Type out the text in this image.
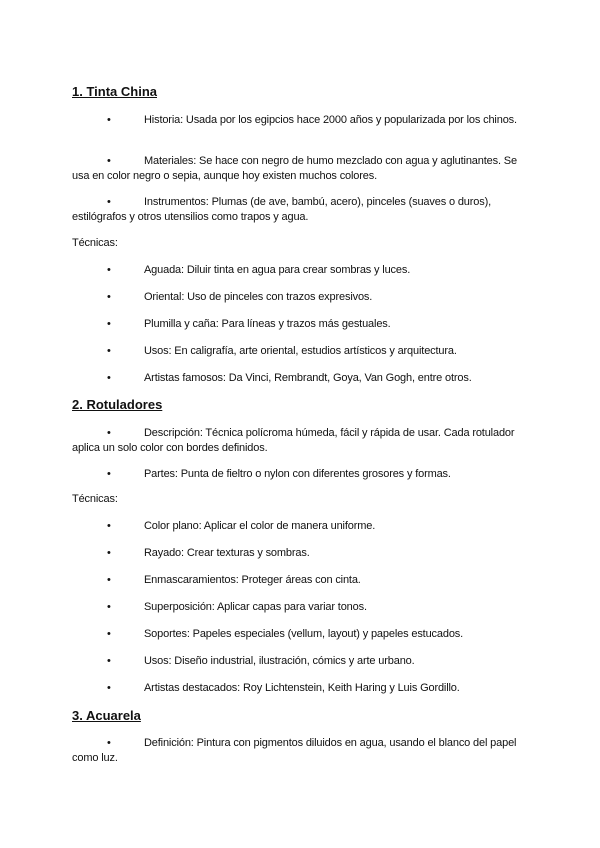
1. Tinta China

•	Historia: Usada por los egipcios hace 2000 años y popularizada por los chinos.

•	Materiales: Se hace con negro de humo mezclado con agua y aglutinantes. Se usa en color negro o sepia, aunque hoy existen muchos colores.

•	Instrumentos: Plumas (de ave, bambú, acero), pinceles (suaves o duros), estilógrafos y otros utensilios como trapos y agua.

Técnicas:

•	Aguada: Diluir tinta en agua para crear sombras y luces.

•	Oriental: Uso de pinceles con trazos expresivos.

•	Plumilla y caña: Para líneas y trazos más gestuales.

•	Usos: En caligrafía, arte oriental, estudios artísticos y arquitectura.

•	Artistas famosos: Da Vinci, Rembrandt, Goya, Van Gogh, entre otros.

2. Rotuladores

•	Descripción: Técnica polícroma húmeda, fácil y rápida de usar. Cada rotulador aplica un solo color con bordes definidos.

•	Partes: Punta de fieltro o nylon con diferentes grosores y formas.

Técnicas:

•	Color plano: Aplicar el color de manera uniforme.

•	Rayado: Crear texturas y sombras.

•	Enmascaramientos: Proteger áreas con cinta.

•	Superposición: Aplicar capas para variar tonos.

•	Soportes: Papeles especiales (vellum, layout) y papeles estucados.

•	Usos: Diseño industrial, ilustración, cómics y arte urbano.

•	Artistas destacados: Roy Lichtenstein, Keith Haring y Luis Gordillo.

3. Acuarela

•	Definición: Pintura con pigmentos diluidos en agua, usando el blanco del papel como luz.
